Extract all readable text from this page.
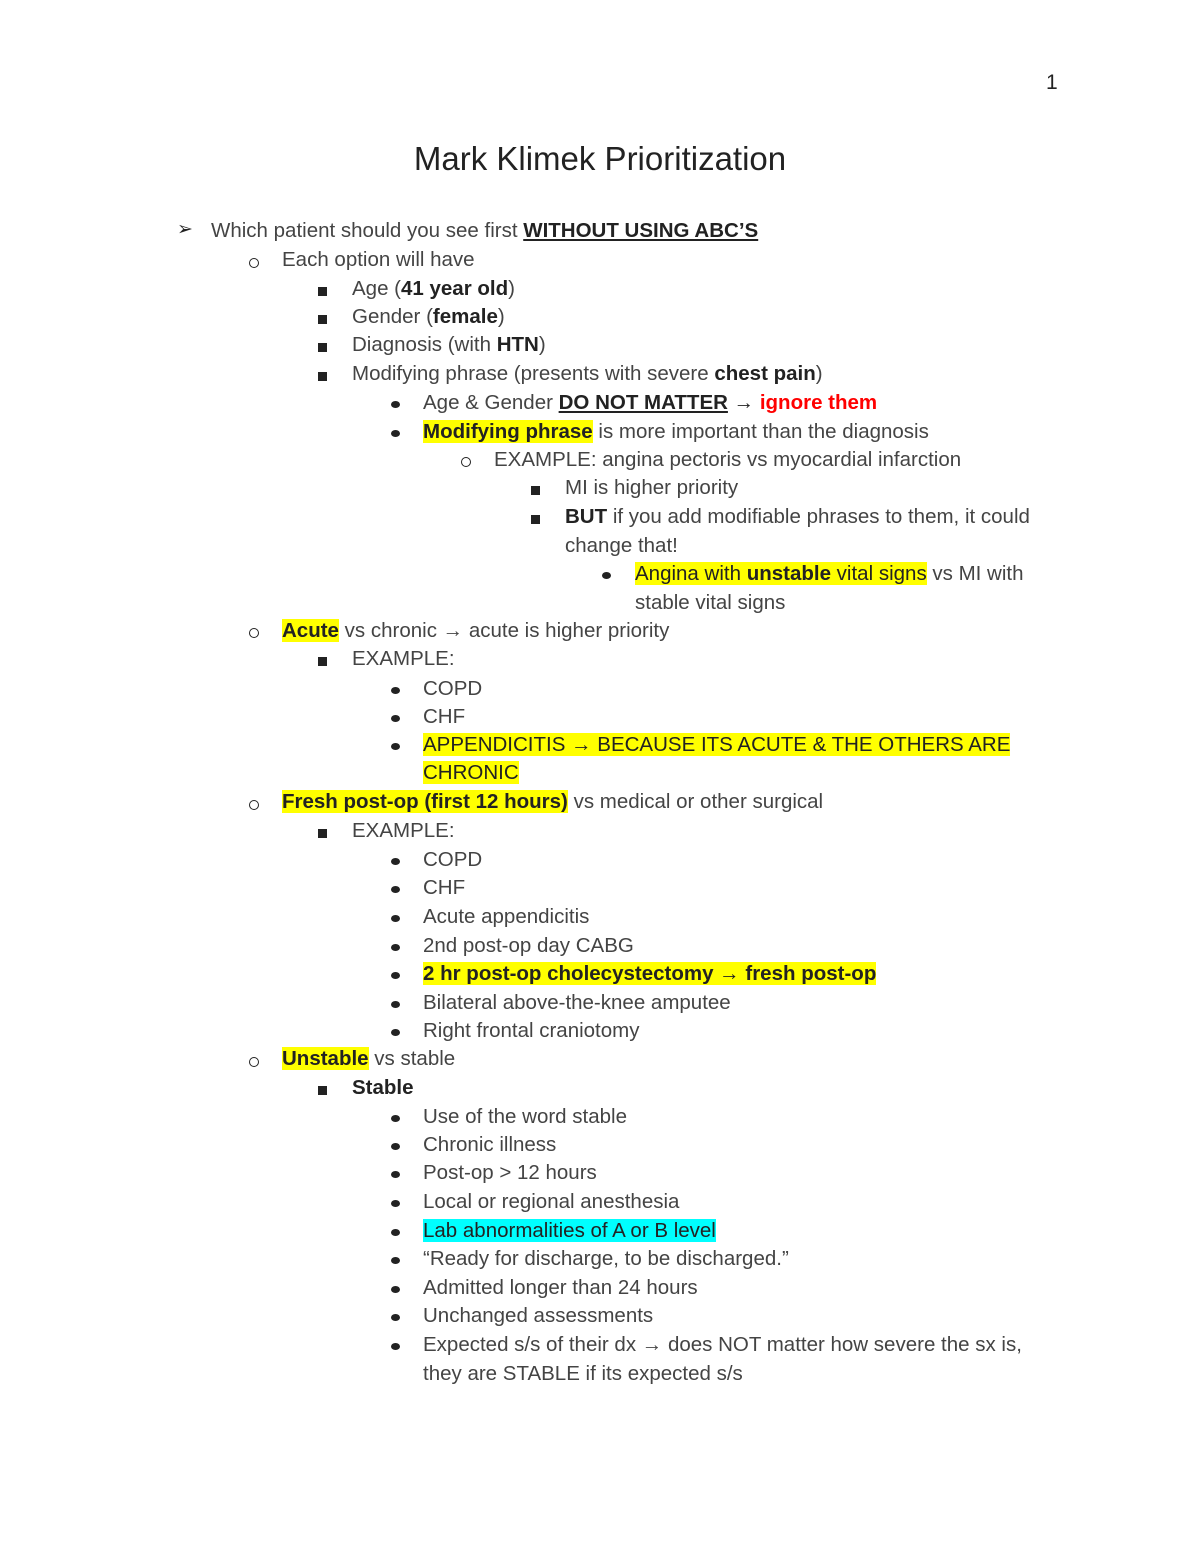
1
Mark Klimek Prioritization
➢ Which patient should you see first WITHOUT USING ABC’S
Each option will have
Age (41 year old)
Gender (female)
Diagnosis (with HTN)
Modifying phrase (presents with severe chest pain)
Age & Gender DO NOT MATTER → ignore them
Modifying phrase is more important than the diagnosis
EXAMPLE: angina pectoris vs myocardial infarction
MI is higher priority
BUT if you add modifiable phrases to them, it could
change that!
Angina with unstable vital signs vs MI with
stable vital signs
Acute vs chronic → acute is higher priority
EXAMPLE:
COPD
CHF
APPENDICITIS → BECAUSE ITS ACUTE & THE OTHERS ARE
CHRONIC
Fresh post-op (first 12 hours) vs medical or other surgical
EXAMPLE:
COPD
CHF
Acute appendicitis
2nd post-op day CABG
2 hr post-op cholecystectomy → fresh post-op
Bilateral above-the-knee amputee
Right frontal craniotomy
Unstable vs stable
Stable
Use of the word stable
Chronic illness
Post-op > 12 hours
Local or regional anesthesia
Lab abnormalities of A or B level
“Ready for discharge, to be discharged.”
Admitted longer than 24 hours
Unchanged assessments
Expected s/s of their dx → does NOT matter how severe the sx is,
they are STABLE if its expected s/s
